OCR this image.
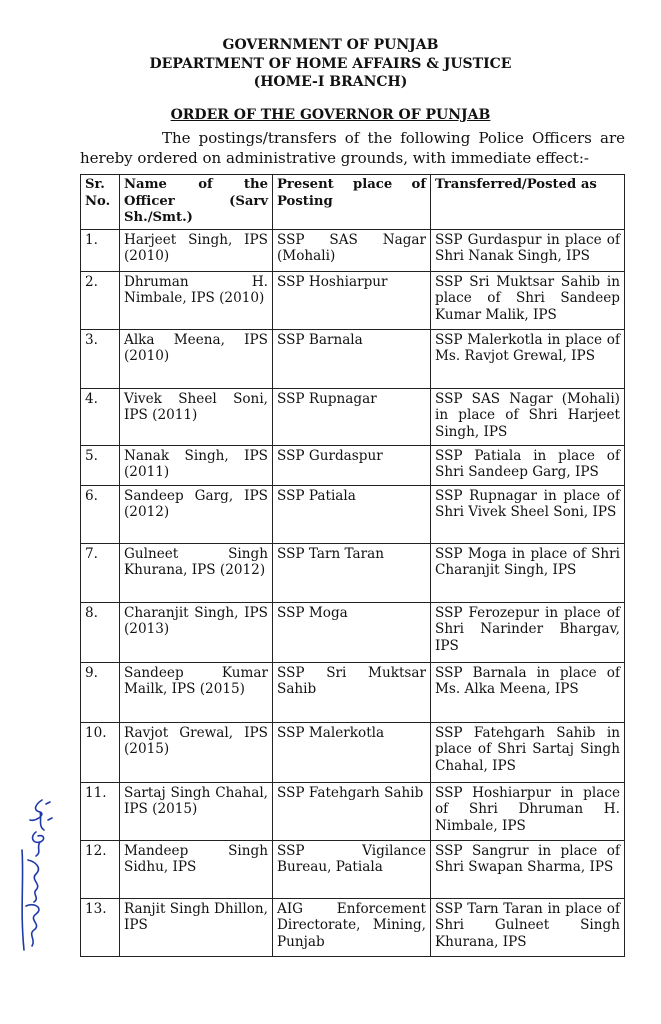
GOVERNMENT OF PUNJAB
DEPARTMENT OF HOME AFFAIRS & JUSTICE
(HOME-I BRANCH)
ORDER OF THE GOVERNOR OF PUNJAB
The postings/transfers of the following Police Officers are hereby ordered on administrative grounds, with immediate effect:-
Sr. No.	Name of the Officer (Sarv Sh./Smt.)	Present place of Posting	Transferred/Posted as
1.	Harjeet Singh, IPS (2010)	SSP SAS Nagar (Mohali)	SSP Gurdaspur in place of Shri Nanak Singh, IPS
2.	Dhruman H. Nimbale, IPS (2010)	SSP Hoshiarpur	SSP Sri Muktsar Sahib in place of Shri Sandeep Kumar Malik, IPS
3.	Alka Meena, IPS (2010)	SSP Barnala	SSP Malerkotla in place of Ms. Ravjot Grewal, IPS
4.	Vivek Sheel Soni, IPS (2011)	SSP Rupnagar	SSP SAS Nagar (Mohali) in place of Shri Harjeet Singh, IPS
5.	Nanak Singh, IPS (2011)	SSP Gurdaspur	SSP Patiala in place of Shri Sandeep Garg, IPS
6.	Sandeep Garg, IPS (2012)	SSP Patiala	SSP Rupnagar in place of Shri Vivek Sheel Soni, IPS
7.	Gulneet Singh Khurana, IPS (2012)	SSP Tarn Taran	SSP Moga in place of Shri Charanjit Singh, IPS
8.	Charanjit Singh, IPS (2013)	SSP Moga	SSP Ferozepur in place of Shri Narinder Bhargav, IPS
9.	Sandeep Kumar Mailk, IPS (2015)	SSP Sri Muktsar Sahib	SSP Barnala in place of Ms. Alka Meena, IPS
10.	Ravjot Grewal, IPS (2015)	SSP Malerkotla	SSP Fatehgarh Sahib in place of Shri Sartaj Singh Chahal, IPS
11.	Sartaj Singh Chahal, IPS (2015)	SSP Fatehgarh Sahib	SSP Hoshiarpur in place of Shri Dhruman H. Nimbale, IPS
12.	Mandeep Singh Sidhu, IPS	SSP Vigilance Bureau, Patiala	SSP Sangrur in place of Shri Swapan Sharma, IPS
13.	Ranjit Singh Dhillon, IPS	AIG Enforcement Directorate, Mining, Punjab	SSP Tarn Taran in place of Shri Gulneet Singh Khurana, IPS
